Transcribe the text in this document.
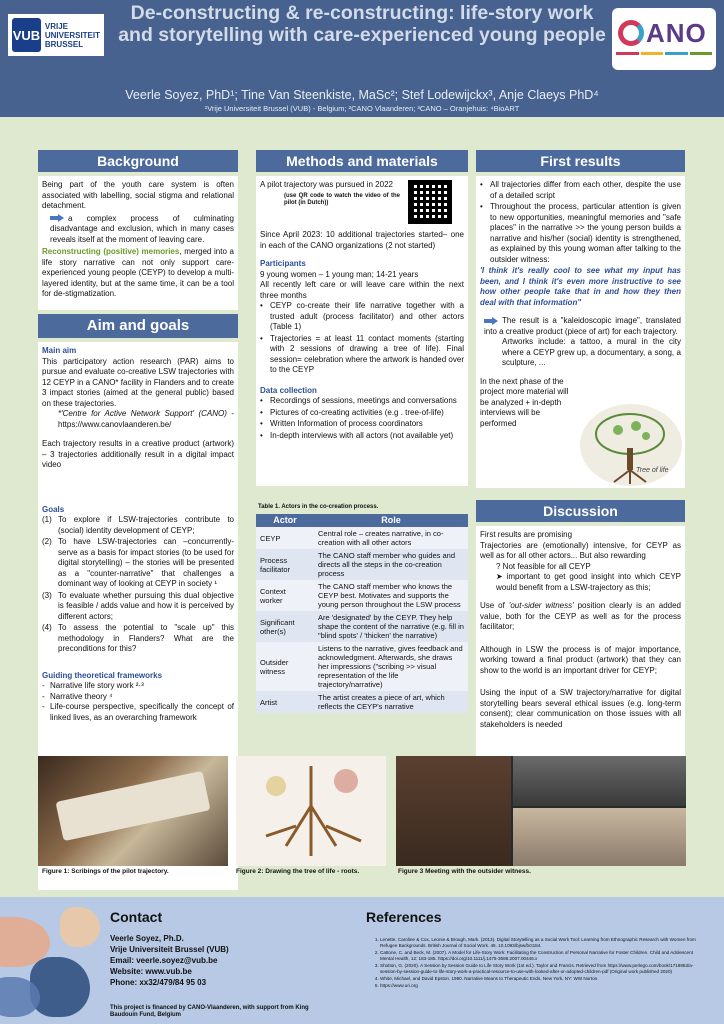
VUB
VRIJE
UNIVERSITEIT
BRUSSEL
De-constructing & re-constructing: life-story work and storytelling with care-experienced young people	ANO
Veerle Soyez, PhD¹; Tine Van Steenkiste, MaSc²; Stef Lodewijckx³, Anje Claeys PhD⁴
¹Vrije Universiteit Brussel (VUB) - Belgium; ²CANO Vlaanderen; ³CANO – Oranjehuis: ⁴BioART
Background

Being part of the youth care system is often associated with labelling, social stigma and relational detachment.

a complex process of culminating disadvantage and exclusion, which in many cases reveals itself at the moment of leaving care.

Reconstructing (positive) memories, merged into a life story narrative can not only support care-experienced young people (CEYP) to develop a multi-layered identity, but at the same time, it can be a tool for de-stigmatization.

Aim and goals
Main aim

This participatory action research (PAR) aims to pursue and evaluate co-creative LSW trajectories with 12 CEYP in a CANO* facility in Flanders and to create 3 impact stories (aimed at the general public) based on these trajectories.

*'Centre for Active Network Support' (CANO) - https://www.canovlaanderen.be/

Each trajectory results in a creative product (artwork) – 3 trajectories additionally result in a digital impact video

Goals
(1) To explore if LSW-trajectories contribute to (social) identity development of CEYP;
(2) To have LSW-trajectories can –concurrently- serve as a basis for impact stories (to be used for digital storytelling) – the stories will be presented as a "counter-narrative" that challenges a dominant way of looking at CEYP in society ¹
(3) To evaluate whether pursuing this dual objective is feasible / adds value and how it is perceived by different actors;
(4) To assess the potential to "scale up" this methodology in Flanders? What are the preconditions for this?
Guiding theoretical frameworks
- Narrative life story work ²·³
- Narrative theory ⁴
- Life-course perspective, specifically the concept of linked lives, as an overarching framework
Methods and materials

A pilot trajectory was pursued in 2022

(use QR code to watch the video of the pilot (in Dutch))

Since April 2023: 10 additional trajectories started– one in each of the CANO organizations (2 not started)

Participants

9 young women – 1 young man; 14-21 years

All recently left care or will leave care within the next three months

• CEYP co-create their life narrative together with a trusted adult (process facilitator) and other actors (Table 1)
• Trajectories = at least 11 contact moments (starting with 2 sessions of drawing a tree of life). Final session= celebration where the artwork is handed over to the CEYP
Data collection
• Recordings of sessions, meetings and conversations
• Pictures of co-creating activities (e.g . tree-of-life)
• Written Information of process coordinators
• In-depth interviews with all actors (not available yet)
Table 1. Actors in the co-creation process.
Actor	Role
CEYP	Central role – creates narrative, in co-creation with all other actors
Process facilitator	The CANO staff member who guides and directs all the steps in the co-creation process
Context worker	The CANO staff member who knows the CEYP best. Motivates and supports the young person throughout the LSW process
Significant other(s)	Are 'designated' by the CEYP. They help shape the content of the narrative (e.g. fill in "blind spots' / 'thicken' the narrative)
Outsider witness	Listens to the narrative, gives feedback and acknowledgment. Afterwards, she draws her impressions ("scribing >> visual representation of the life trajectory/narrative)
Artist	The artist creates a piece of art, which reflects the CEYP's narrative
First results
• All trajectories differ from each other, despite the use of a detailed script
• Throughout the process, particular attention is given to new opportunities, meaningful memories and "safe places" in the narrative >> the young person builds a narrative and his/her (social) identity is strengthened, as explained by this young woman after talking to the outsider witness:

'I think it's really cool to see what my input has been, and I think it's even more instructive to see how other people take that in and how they then deal with that information"

The result is a "kaleidoscopic image", translated into a creative product (piece of art) for each trajectory.

Artworks include: a tattoo, a mural in the city where a CEYP grew up, a documentary, a song, a sculpture, ...

In the next phase of the project more material will be analyzed + in-depth interviews will be performed

Tree of life
Discussion

First results are promising

Trajectories are (emotionally) intensive, for CEYP as well as for all other actors... But also rewarding

? Not feasible for all CEYP

➤ important to get good insight into which CEYP would benefit from a LSW-trajectory as this;

Use of 'out-sider witness' position clearly is an added value, both for the CEYP as well as for the process facilitator;

Although in LSW the process is of major importance, working toward a final product (artwork) that they can show to the world is an important driver for CEYP;

Using the input of a SW trajectory/narrative for digital storytelling bears several ethical issues (e.g. long-term consent); clear communication on those issues with all stakeholders is needed

Figure 1: Scribings of the pilot trajectory.	Figure 2: Drawing the tree of life - roots.	Figure 3 Meeting with the outsider witness.
Contact
Veerle Soyez, Ph.D.
Vrije Universiteit Brussel (VUB)
Email: veerle.soyez@vub.be
Website: www.vub.be
Phone: xx32/479/84 95 03
This project is financed by CANO-Vlaanderen, with support from King Baudouin Fund, Belgium
References
1. Lenette, Caroline & Cox, Leonie & Brough, Mark. (2013). Digital Storytelling as a Social Work Tool: Learning from Ethnographic Research with Women from Refugee Backgrounds. British Journal of Social Work. 45. 10.1093/bjsw/bct184.
2. Cattone, C. and Beck, M. (2007). A Model for Life-Story Work: Facilitating the Construction of Personal Narrative for Foster Children. Child and Adolescent Mental Health, 12: 183-185. https://doi.org/10.1111/j.1475-3588.2007.00446.x
3. Shotton, G. (2020). A Session by Session Guide to Life Story Work (1st ed.). Taylor and Francis. Retrieved from https://www.perlego.com/book/1718853/a-session-by-session-guide-to-life-story-work-a-practical-resource-to-use-with-looked-after-or-adopted-children-pdf (Original work published 2020)
4. White, Michael, and David Epston. 1990. Narrative Means to Therapeutic Ends. New York, NY: WW Norton.
5. https://www.uri.org
